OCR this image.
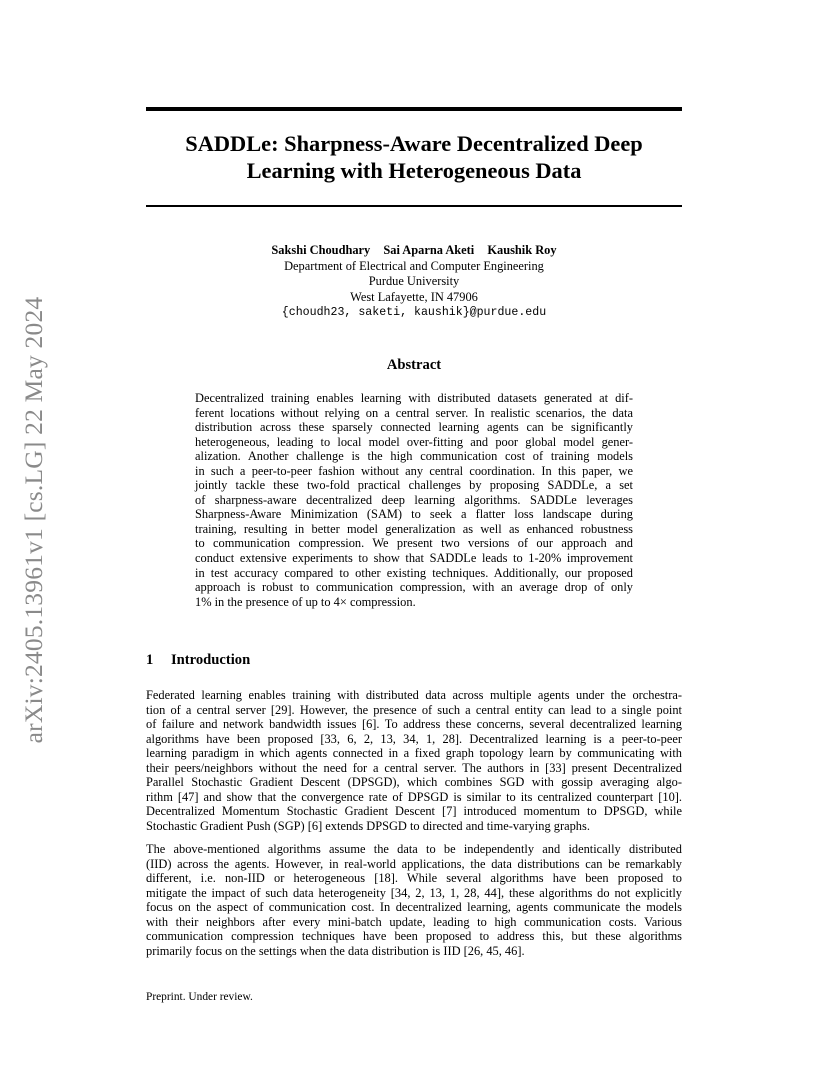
arXiv:2405.13961v1 [cs.LG] 22 May 2024
SADDLe: Sharpness-Aware Decentralized Deep
Learning with Heterogeneous Data
Sakshi Choudhary Sai Aparna Aketi Kaushik Roy
Department of Electrical and Computer Engineering
Purdue University
West Lafayette, IN 47906
{choudh23, saketi, kaushik}@purdue.edu
Abstract
Decentralized training enables learning with distributed datasets generated at dif-
ferent locations without relying on a central server. In realistic scenarios, the data
distribution across these sparsely connected learning agents can be significantly
heterogeneous, leading to local model over-fitting and poor global model gener-
alization. Another challenge is the high communication cost of training models
in such a peer-to-peer fashion without any central coordination. In this paper, we
jointly tackle these two-fold practical challenges by proposing SADDLe, a set
of sharpness-aware decentralized deep learning algorithms. SADDLe leverages
Sharpness-Aware Minimization (SAM) to seek a flatter loss landscape during
training, resulting in better model generalization as well as enhanced robustness
to communication compression. We present two versions of our approach and
conduct extensive experiments to show that SADDLe leads to 1-20% improvement
in test accuracy compared to other existing techniques. Additionally, our proposed
approach is robust to communication compression, with an average drop of only
1% in the presence of up to 4× compression.
1 Introduction
Federated learning enables training with distributed data across multiple agents under the orchestra-
tion of a central server [29]. However, the presence of such a central entity can lead to a single point
of failure and network bandwidth issues [6]. To address these concerns, several decentralized learning
algorithms have been proposed [33, 6, 2, 13, 34, 1, 28]. Decentralized learning is a peer-to-peer
learning paradigm in which agents connected in a fixed graph topology learn by communicating with
their peers/neighbors without the need for a central server. The authors in [33] present Decentralized
Parallel Stochastic Gradient Descent (DPSGD), which combines SGD with gossip averaging algo-
rithm [47] and show that the convergence rate of DPSGD is similar to its centralized counterpart [10].
Decentralized Momentum Stochastic Gradient Descent [7] introduced momentum to DPSGD, while
Stochastic Gradient Push (SGP) [6] extends DPSGD to directed and time-varying graphs.
The above-mentioned algorithms assume the data to be independently and identically distributed
(IID) across the agents. However, in real-world applications, the data distributions can be remarkably
different, i.e. non-IID or heterogeneous [18]. While several algorithms have been proposed to
mitigate the impact of such data heterogeneity [34, 2, 13, 1, 28, 44], these algorithms do not explicitly
focus on the aspect of communication cost. In decentralized learning, agents communicate the models
with their neighbors after every mini-batch update, leading to high communication costs. Various
communication compression techniques have been proposed to address this, but these algorithms
primarily focus on the settings when the data distribution is IID [26, 45, 46].
Preprint. Under review.
